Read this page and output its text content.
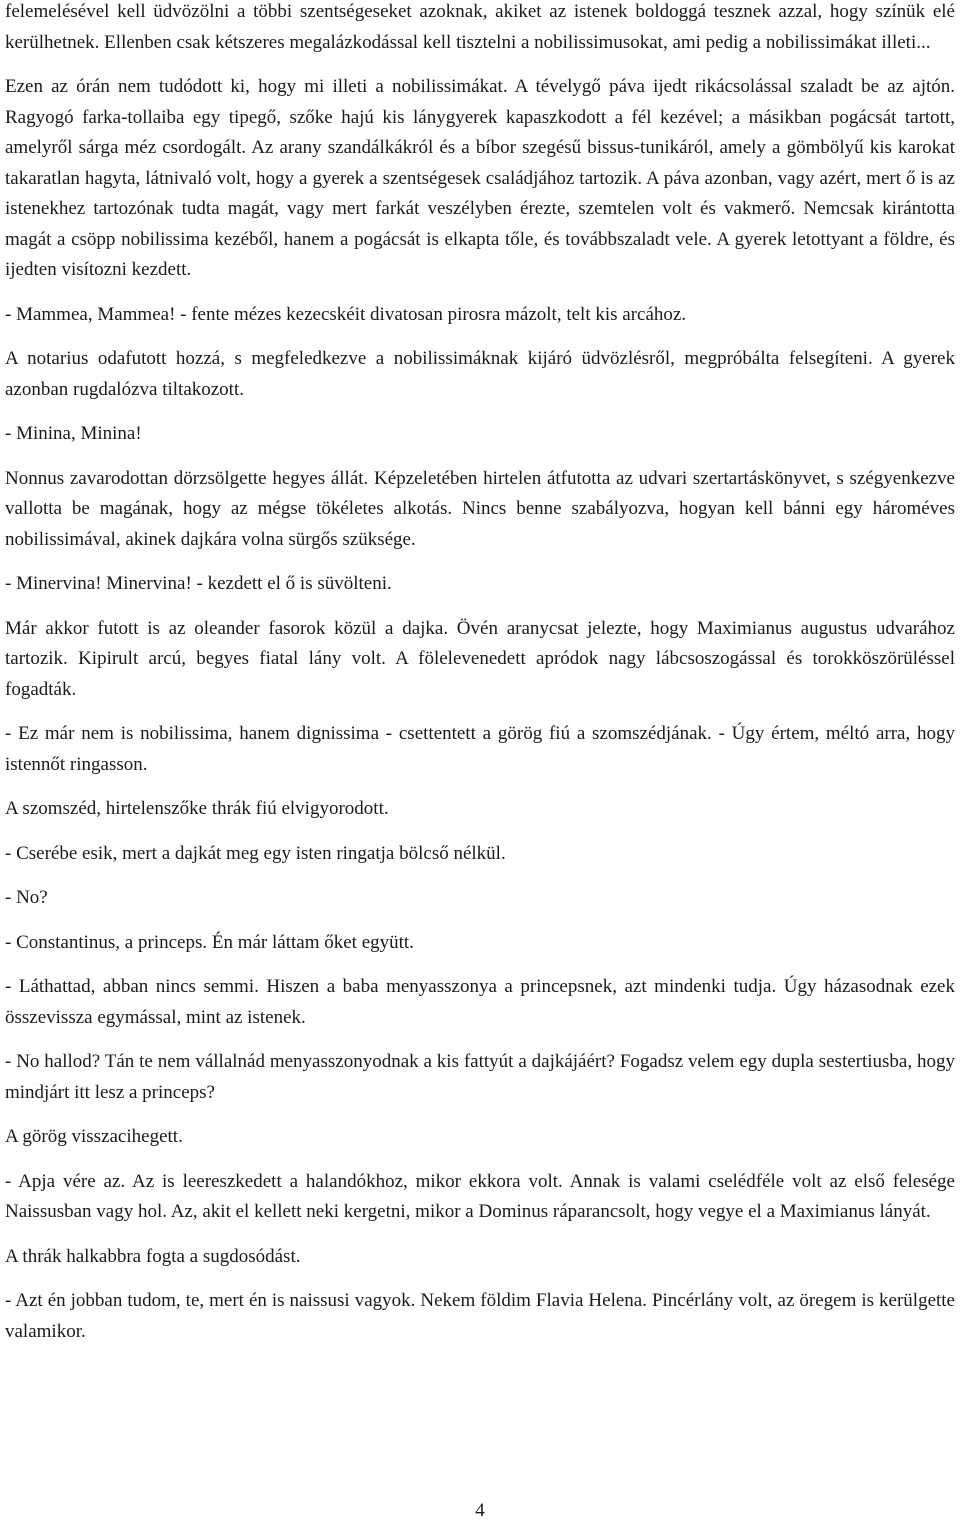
felemelésével kell üdvözölni a többi szentségeseket azoknak, akiket az istenek boldoggá tesznek azzal, hogy színük elé kerülhetnek. Ellenben csak kétszeres megalázkodással kell tisztelni a nobilissimusokat, ami pedig a nobilissimákat illeti...

Ezen az órán nem tudódott ki, hogy mi illeti a nobilissimákat. A tévelygő páva ijedt rikácsolással szaladt be az ajtón. Ragyogó farka-tollaiba egy tipegő, szőke hajú kis lánygyerek kapaszkodott a fél kezével; a másikban pogácsát tartott, amelyről sárga méz csordogált. Az arany szandálkákról és a bíbor szegésű bissus-tunikáról, amely a gömbölyű kis karokat takaratlan hagyta, látnivaló volt, hogy a gyerek a szentségesek családjához tartozik. A páva azonban, vagy azért, mert ő is az istenekhez tartozónak tudta magát, vagy mert farkát veszélyben érezte, szemtelen volt és vakmerő. Nemcsak kirántotta magát a csöpp nobilissima kezéből, hanem a pogácsát is elkapta tőle, és továbbszaladt vele. A gyerek letottyant a földre, és ijedten visítozni kezdett.

- Mammea, Mammea! - fente mézes kezecskéit divatosan pirosra mázolt, telt kis arcához.

A notarius odafutott hozzá, s megfeledkezve a nobilissimáknak kijáró üdvözlésről, megpróbálta felsegíteni. A gyerek azonban rugdalózva tiltakozott.

- Minina, Minina!

Nonnus zavarodottan dörzsölgette hegyes állát. Képzeletében hirtelen átfutotta az udvari szertartáskönyvet, s szégyenkezve vallotta be magának, hogy az mégse tökéletes alkotás. Nincs benne szabályozva, hogyan kell bánni egy hároméves nobilissimával, akinek dajkára volna sürgős szüksége.

- Minervina! Minervina! - kezdett el ő is süvölteni.

Már akkor futott is az oleander fasorok közül a dajka. Övén aranycsat jelezte, hogy Maximianus augustus udvarához tartozik. Kipirult arcú, begyes fiatal lány volt. A fölelevenedett apródok nagy lábcsoszogással és torokköszörüléssel fogadták.

- Ez már nem is nobilissima, hanem dignissima - csettentett a görög fiú a szomszédjának. - Úgy értem, méltó arra, hogy istennőt ringasson.

A szomszéd, hirtelenszőke thrák fiú elvigyorodott.

- Cserébe esik, mert a dajkát meg egy isten ringatja bölcső nélkül.

- No?

- Constantinus, a princeps. Én már láttam őket együtt.

- Láthattad, abban nincs semmi. Hiszen a baba menyasszonya a princepsnek, azt mindenki tudja. Úgy házasodnak ezek összevissza egymással, mint az istenek.

- No hallod? Tán te nem vállalnád menyasszonyodnak a kis fattyút a dajkájáért? Fogadsz velem egy dupla sestertiusba, hogy mindjárt itt lesz a princeps?

A görög visszacihegett.

- Apja vére az. Az is leereszkedett a halandókhoz, mikor ekkora volt. Annak is valami cselédféle volt az első felesége Naissusban vagy hol. Az, akit el kellett neki kergetni, mikor a Dominus ráparancsolt, hogy vegye el a Maximianus lányát.

A thrák halkabbra fogta a sugdosódást.

- Azt én jobban tudom, te, mert én is naissusi vagyok. Nekem földim Flavia Helena. Pincérlány volt, az öregem is kerülgette valamikor.

4
